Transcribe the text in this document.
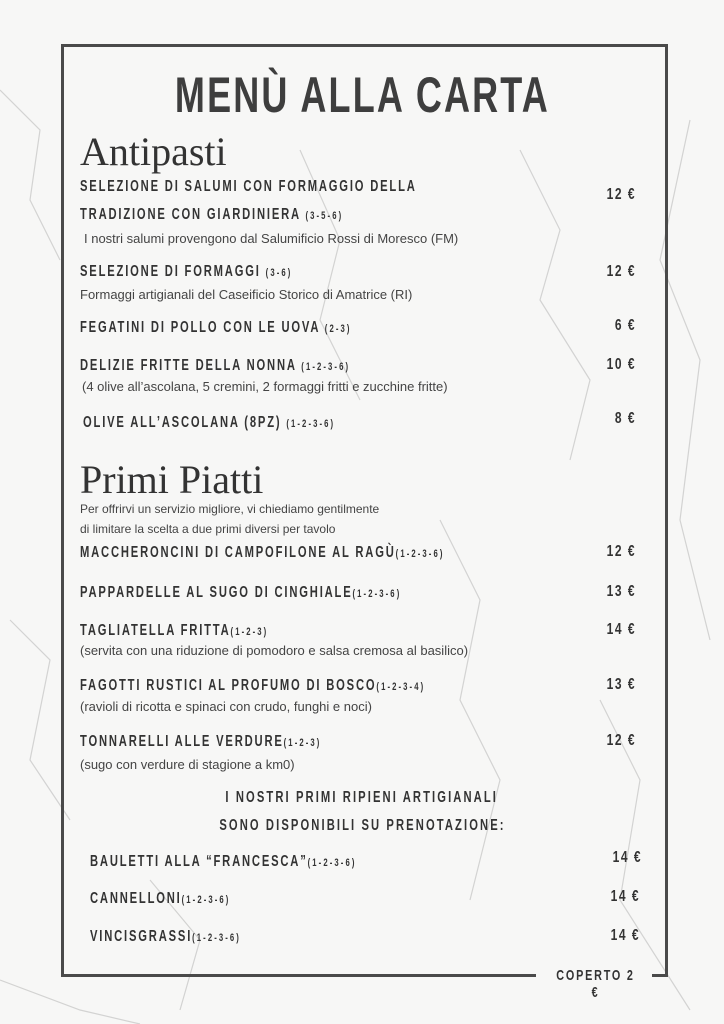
MENÙ ALLA CARTA
Antipasti
SELEZIONE DI SALUMI CON FORMAGGIO DELLA
TRADIZIONE CON GIARDINIERA (3-5-6)
I nostri salumi provengono dal Salumificio Rossi di Moresco (FM)
12 €
SELEZIONE DI FORMAGGI (3-6)
Formaggi artigianali del Caseificio Storico di Amatrice (RI)
12 €
FEGATINI DI POLLO CON LE UOVA (2-3)	6 €
DELIZIE FRITTE DELLA NONNA (1-2-3-6)
(4 olive all’ascolana, 5 cremini, 2 formaggi fritti e zucchine fritte)
10 €
OLIVE ALL’ASCOLANA (8PZ) (1-2-3-6)	8 €
Primi Piatti
Per offrirvi un servizio migliore, vi chiediamo gentilmente
di limitare la scelta a due primi diversi per tavolo
MACCHERONCINI DI CAMPOFILONE AL RAGÙ(1-2-3-6)	12 €
PAPPARDELLE AL SUGO DI CINGHIALE(1-2-3-6)	13 €
TAGLIATELLA FRITTA(1-2-3)
(servita con una riduzione di pomodoro e salsa cremosa al basilico)
14 €
FAGOTTI RUSTICI AL PROFUMO DI BOSCO(1-2-3-4)
(ravioli di ricotta e spinaci con crudo, funghi e noci)
13 €
TONNARELLI ALLE VERDURE(1-2-3)
(sugo con verdure di stagione a km0)
12 €
I NOSTRI PRIMI RIPIENI ARTIGIANALI
SONO DISPONIBILI SU PRENOTAZIONE:
BAULETTI ALLA “FRANCESCA”(1-2-3-6)	14 €
CANNELLONI(1-2-3-6)	14 €
VINCISGRASSI(1-2-3-6)	14 €
COPERTO 2 €
